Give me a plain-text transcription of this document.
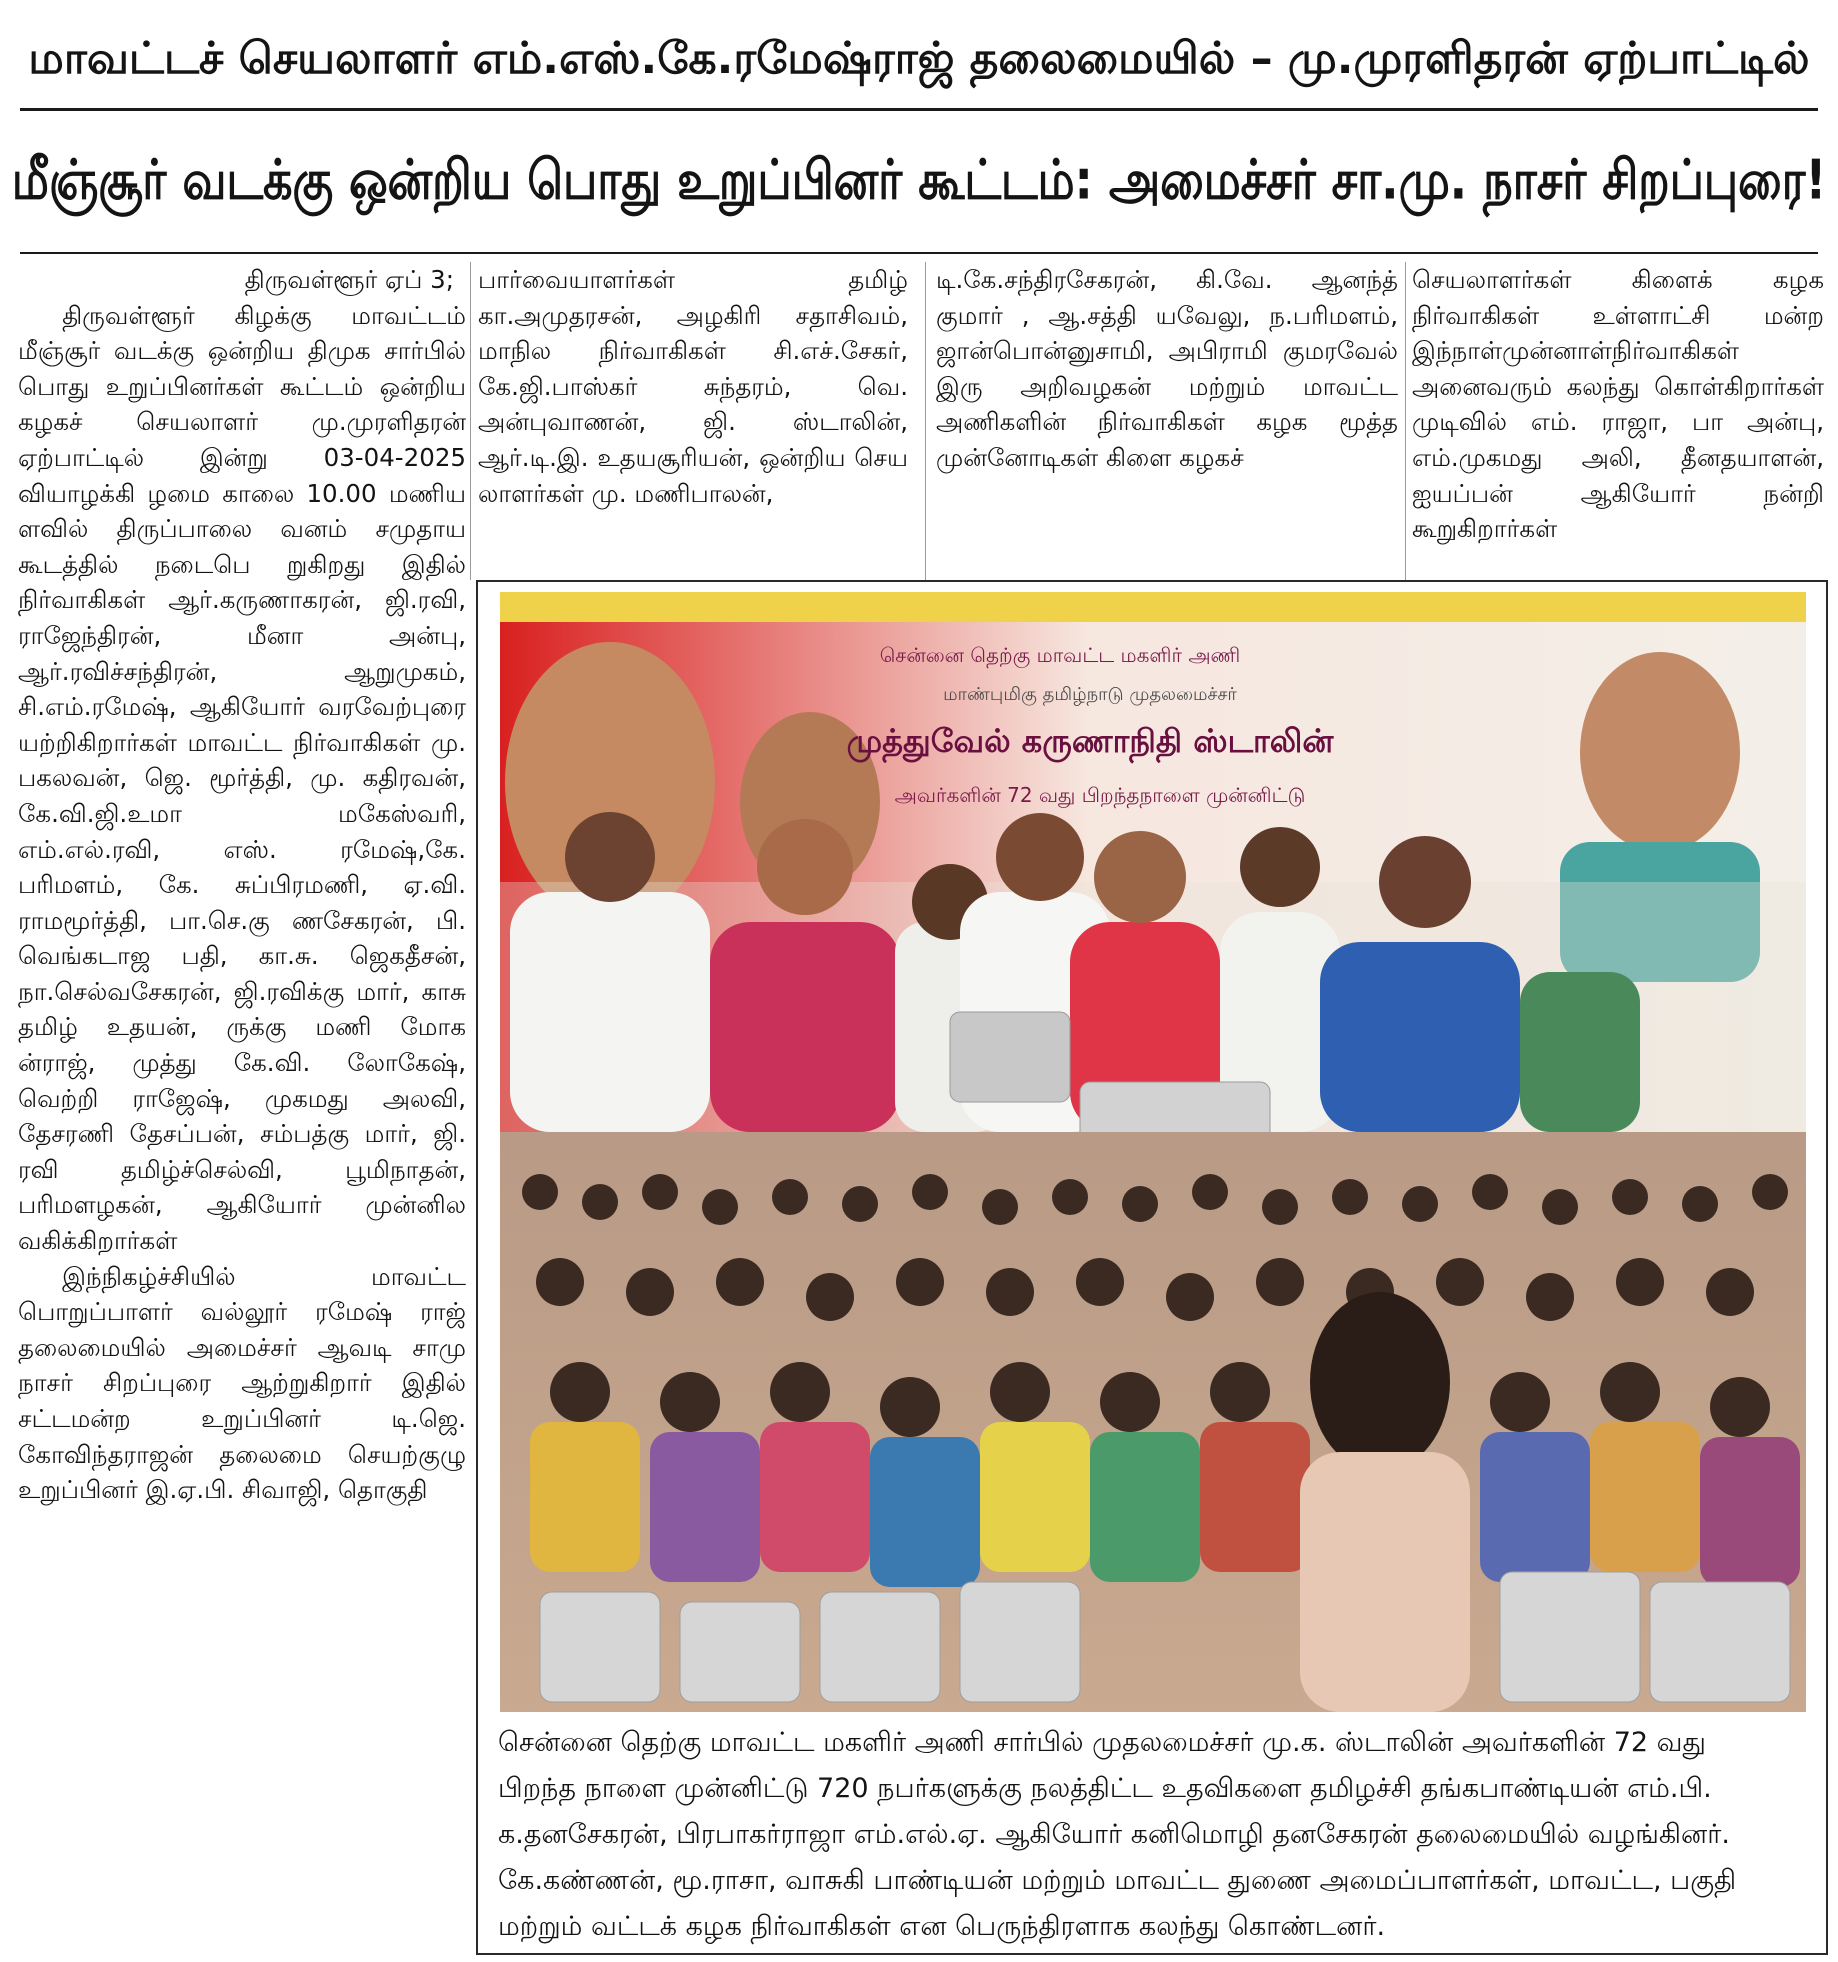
மாவட்டச் செயலாளர் எம்.எஸ்.கே.ரமேஷ்ராஜ் தலைமையில் – மு.முரளிதரன் ஏற்பாட்டில்
மீஞ்சூர் வடக்கு ஒன்றிய பொது உறுப்பினர் கூட்டம்: அமைச்சர் சா.மு. நாசர் சிறப்புரை!
திருவள்ளூர் ஏப் 3;

திருவள்ளூர் கிழக்கு மாவட்டம் மீஞ்சூர் வடக்கு ஒன்றிய திமுக சார்பில் பொது உறுப்பினர்கள் கூட்டம் ஒன்றிய கழகச் செயலாளர் மு.முரளிதரன் ஏற்பாட்டில் இன்று 03-04-2025 வியாழக்கி ழமை காலை 10.00 மணிய ளவில் திருப்பாலை வனம் சமுதாய கூடத்தில் நடைபெ றுகிறது இதில் நிர்வாகிகள் ஆர்.கருணாகரன், ஜி.ரவி, ராஜேந்திரன், மீனா அன்பு, ஆர்.ரவிச்சந்திரன், ஆறுமுகம், சி.எம்.ரமேஷ், ஆகியோர் வரவேற்புரை யற்றிகிறார்கள் மாவட்ட நிர்வாகிகள் மு. பகலவன், ஜெ. மூர்த்தி, மு. கதிரவன், கே.வி.ஜி.உமா மகேஸ்வரி, எம்.எல்.ரவி, எஸ். ரமேஷ்,கே. பரிமளம், கே. சுப்பிரமணி, ஏ.வி. ராமமூர்த்தி, பா.செ.கு ணசேகரன், பி. வெங்கடாஜ பதி, கா.சு. ஜெகதீசன், நா.செல்வசேகரன், ஜி.ரவிக்கு மார், காசு தமிழ் உதயன், ருக்கு மணி மோக ன்ராஜ், முத்து கே.வி. லோகேஷ், வெற்றி ராஜேஷ், முகமது அலவி, தேசரணி தேசப்பன், சம்பத்கு மார், ஜி. ரவி தமிழ்ச்செல்வி, பூமிநாதன், பரிமளழகன், ஆகியோர் முன்னில வகிக்கிறார்கள்

இந்நிகழ்ச்சியில் மாவட்ட பொறுப்பாளர் வல்லூர் ரமேஷ் ராஜ் தலைமையில் அமைச்சர் ஆவடி சாமு நாசர் சிறப்புரை ஆற்றுகிறார் இதில் சட்டமன்ற உறுப்பினர் டி.ஜெ. கோவிந்தராஜன் தலைமை செயற்குழு உறுப்பினர் இ.ஏ.பி. சிவாஜி, தொகுதி

பார்வையாளர்கள் தமிழ் கா.அமுதரசன், அழகிரி சதாசிவம், மாநில நிர்வாகிகள் சி.எச்.சேகர், கே.ஜி.பாஸ்கர் சுந்தரம், வெ. அன்புவாணன், ஜி. ஸ்டாலின், ஆர்.டி.இ. உதயசூரியன், ஒன்றிய செய லாளர்கள் மு. மணிபாலன்,

டி.கே.சந்திரசேகரன், கி.வே. ஆனந்த் குமார் , ஆ.சத்தி யவேலு, ந.பரிமளம், ஜான்பொன்னுசாமி, அபிராமி குமரவேல் இரு அறிவழகன் மற்றும் மாவட்ட அணிகளின் நிர்வாகிகள் கழக மூத்த முன்னோடிகள் கிளை கழகச்

செயலாளர்கள் கிளைக் கழக நிர்வாகிகள் உள்ளாட்சி மன்ற இந்நாள்முன்னாள்நிர்வாகிகள் அனைவரும் கலந்து கொள்கிறார்கள் முடிவில் எம். ராஜா, பா அன்பு, எம்.முகமது அலி, தீனதயாளன், ஐயப்பன் ஆகியோர் நன்றி கூறுகிறார்கள்

சென்னை தெற்கு மாவட்ட மகளிர் அணி
மாண்புமிகு தமிழ்நாடு முதலமைச்சர்
முத்துவேல் கருணாநிதி ஸ்டாலின்
அவர்களின் 72 வது பிறந்தநாளை முன்னிட்டு
சென்னை தெற்கு மாவட்ட மகளிர் அணி சார்பில் முதலமைச்சர் மு.க. ஸ்டாலின் அவர்களின் 72 வது
பிறந்த நாளை முன்னிட்டு 720 நபர்களுக்கு நலத்திட்ட உதவிகளை தமிழச்சி தங்கபாண்டியன் எம்.பி.
க.தனசேகரன், பிரபாகர்ராஜா எம்.எல்.ஏ. ஆகியோர் கனிமொழி தனசேகரன் தலைமையில் வழங்கினர்.
கே.கண்ணன், மூ.ராசா, வாசுகி பாண்டியன் மற்றும் மாவட்ட துணை அமைப்பாளர்கள், மாவட்ட, பகுதி
மற்றும் வட்டக் கழக நிர்வாகிகள் என பெருந்திரளாக கலந்து கொண்டனர்.
